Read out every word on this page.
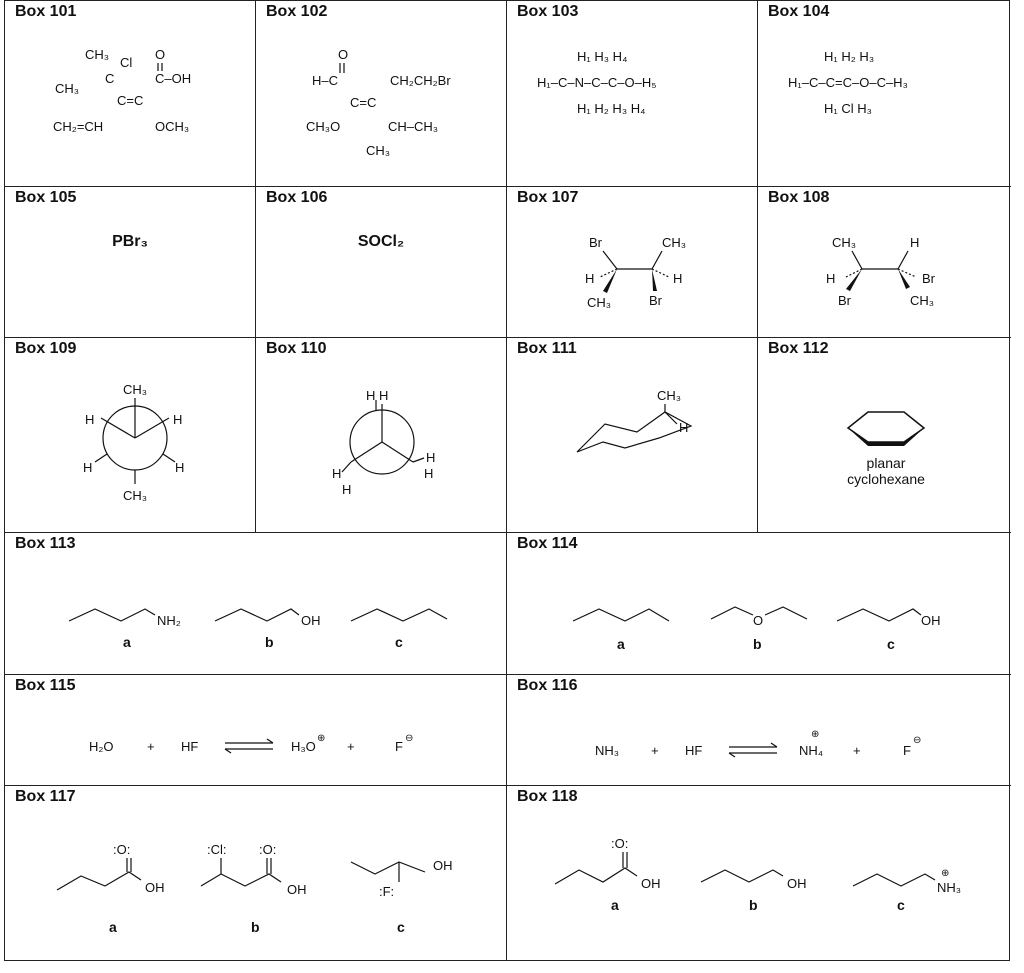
Box 101
CH₃
Cl
O
CH₃
C	C–OH
C=C
CH₂=CH	OCH₃
Box 102
O
H–C	CH₂CH₂Br
C=C
CH₃O	CH–CH₃
CH₃
Box 103
H₁ H₃ H₄
H₁–C–N–C–C–O–H₅
H₁ H₂ H₃ H₄
Box 104
H₁ H₂ H₃
H₁–C–C=C–O–C–H₃
H₁ Cl H₃
Box 105
PBr₃
Box 106
SOCl₂
Box 107
Br	CH₃
H	H
CH₃	Br
Box 108
CH₃	H
H	Br
Br	CH₃
Box 109
CH₃
H	H
H	H
CH₃
Box 110
H H
H
H
H
H
Box 111
CH₃
H
Box 112
planar
cyclohexane
Box 113
NH₂	OH
a	b	c
Box 114
O	OH
a	b	c
Box 115
H₂O	+ HF	H₃O
⊕
+	F
⊖
Box 116
NH₃ + HF	NH₄
⊕
+	F
⊖
Box 117
:O:
OH
:Cl:	:O:
OH
OH
:F:
a	b	c
Box 118
:O:
OH	OH	NH₃
⊕
a	b	c
